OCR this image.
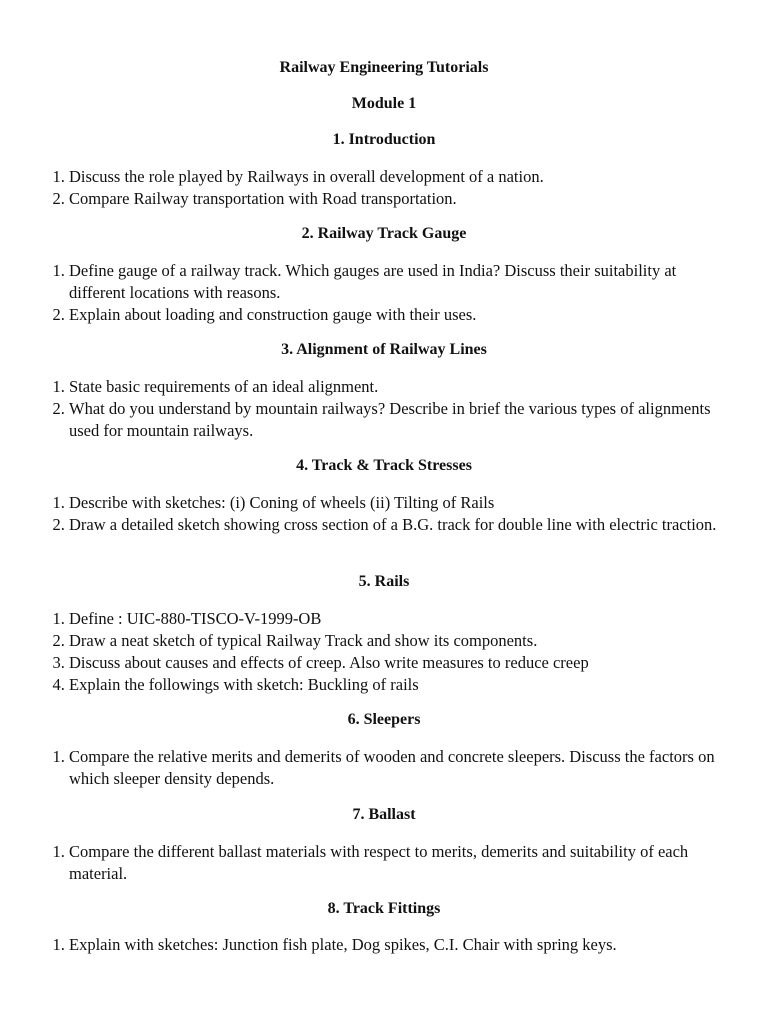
Railway Engineering Tutorials
Module 1
1. Introduction
1. Discuss the role played by Railways in overall development of a nation.
2. Compare Railway transportation with Road transportation.
2. Railway Track Gauge
1. Define gauge of a railway track. Which gauges are used in India? Discuss their suitability at different locations with reasons.
2. Explain about loading and construction gauge with their uses.
3. Alignment of Railway Lines
1. State basic requirements of an ideal alignment.
2. What do you understand by mountain railways? Describe in brief the various types of alignments used for mountain railways.
4. Track & Track Stresses
1. Describe with sketches: (i) Coning of wheels (ii) Tilting of Rails
2. Draw a detailed sketch showing cross section of a B.G. track for double line with electric traction.
5. Rails
1. Define : UIC-880-TISCO-V-1999-OB
2. Draw a neat sketch of typical Railway Track and show its components.
3. Discuss about causes and effects of creep. Also write measures to reduce creep
4. Explain the followings with sketch: Buckling of rails
6. Sleepers
1. Compare the relative merits and demerits of wooden and concrete sleepers. Discuss the factors on which sleeper density depends.
7. Ballast
1. Compare the different ballast materials with respect to merits, demerits and suitability of each material.
8. Track Fittings
1. Explain with sketches: Junction fish plate, Dog spikes, C.I. Chair with spring keys.
